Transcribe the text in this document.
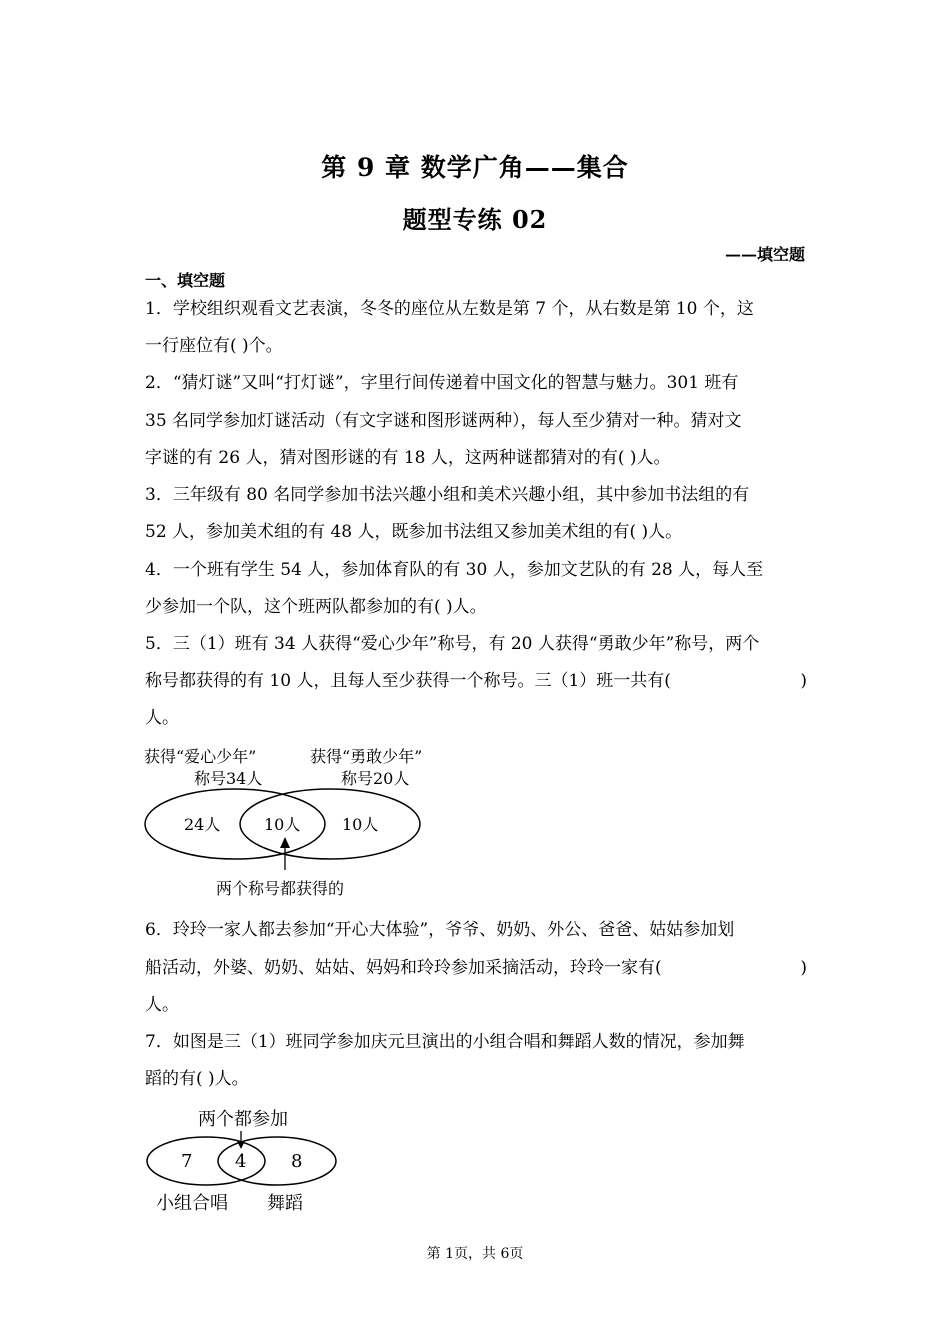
第 9 章 数学广角——集合
题型专练 02
——填空题
一、填空题
1．学校组织观看文艺表演，冬冬的座位从左数是第 7 个，从右数是第 10 个，这
一行座位有( )个。
2．“猜灯谜”又叫“打灯谜”，字里行间传递着中国文化的智慧与魅力。301 班有
35 名同学参加灯谜活动（有文字谜和图形谜两种），每人至少猜对一种。猜对文
字谜的有 26 人，猜对图形谜的有 18 人，这两种谜都猜对的有( )人。
3．三年级有 80 名同学参加书法兴趣小组和美术兴趣小组，其中参加书法组的有
52 人，参加美术组的有 48 人，既参加书法组又参加美术组的有( )人。
4．一个班有学生 54 人，参加体育队的有 30 人，参加文艺队的有 28 人，每人至
少参加一个队，这个班两队都参加的有( )人。
5．三（1）班有 34 人获得“爱心少年”称号，有 20 人获得“勇敢少年”称号，两个
称号都获得的有 10 人，且每人至少获得一个称号。三（1）班一共有(	)
人。
获得“爱心少年”
称号34人
获得“勇敢少年”
称号20人
24人	10人	10人
两个称号都获得的
6．玲玲一家人都去参加“开心大体验”，爷爷、奶奶、外公、爸爸、姑姑参加划
船活动，外婆、奶奶、姑姑、妈妈和玲玲参加采摘活动，玲玲一家有(	)
人。
7．如图是三（1）班同学参加庆元旦演出的小组合唱和舞蹈人数的情况，参加舞
蹈的有( )人。
两个都参加
7 4 8
小组合唱 舞蹈
第 1页，共 6页
